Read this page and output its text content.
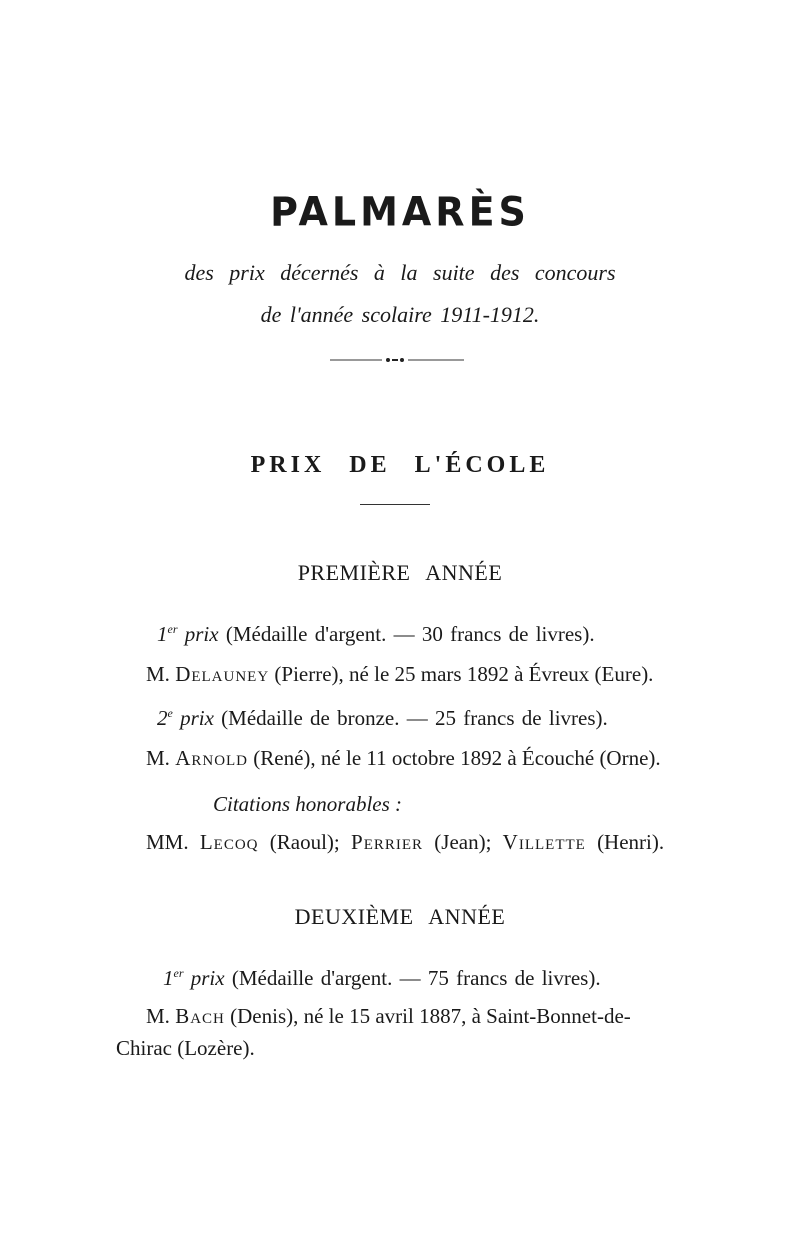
PALMARÈS
des prix décernés à la suite des concours
de l'année scolaire 1911-1912.
PRIX DE L'ÉCOLE
PREMIÈRE ANNÉE
1er prix (Médaille d'argent. — 30 francs de livres).
M. Delauney (Pierre), né le 25 mars 1892 à Évreux (Eure).
2e prix (Médaille de bronze. — 25 francs de livres).
M. Arnold (René), né le 11 octobre 1892 à Écouché (Orne).
Citations honorables :
MM. Lecoq (Raoul); Perrier (Jean); Villette (Henri).
DEUXIÈME ANNÉE
1er prix (Médaille d'argent. — 75 francs de livres).
M. Bach (Denis), né le 15 avril 1887, à Saint-Bonnet-de-
Chirac (Lozère).
